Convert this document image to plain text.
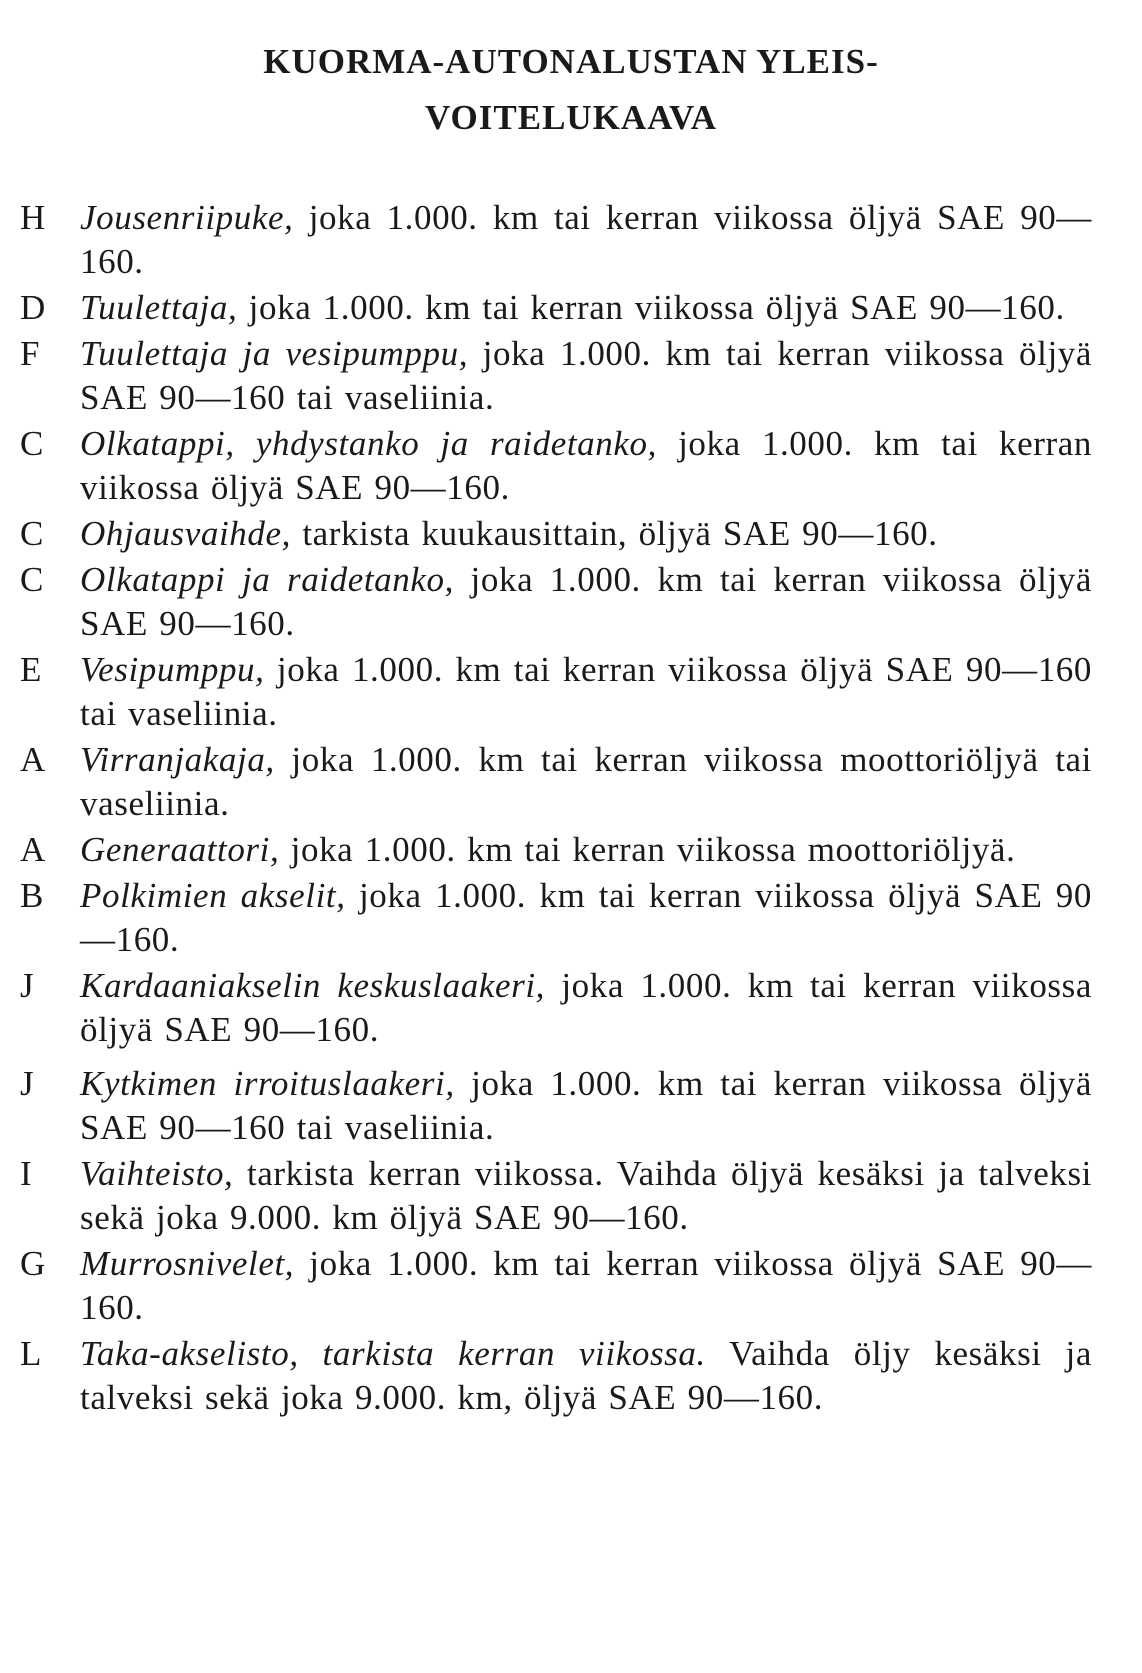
KUORMA-AUTONALUSTAN YLEIS-
VOITELUKAAVA
H Jousenriipuke, joka 1.000. km tai kerran viikossa öljyä SAE 90—160.
D Tuulettaja, joka 1.000. km tai kerran viikossa öljyä SAE 90—160.
F	Tuulettaja ja vesipumppu, joka 1.000. km tai kerran viikossa öljyä SAE 90—160 tai vaseliinia.
C	Olkatappi, yhdystanko ja raidetanko, joka 1.000. km tai kerran viikossa öljyä SAE 90—160.
C	Ohjausvaihde, tarkista kuukausittain, öljyä SAE 90—160.
C	Olkatappi ja raidetanko, joka 1.000. km tai kerran viikossa öljyä SAE 90—160.
E	Vesipumppu, joka 1.000. km tai kerran viikossa öljyä SAE 90—160 tai vaseliinia.
A Virranjakaja, joka 1.000. km tai kerran viikossa moottoriöljyä tai vaseliinia.
A Generaattori, joka 1.000. km tai kerran viikossa moottoriöljyä.
B	Polkimien akselit, joka 1.000. km tai kerran viikossa öljyä SAE 90—160.
J	Kardaaniakselin keskuslaakeri, joka 1.000. km tai kerran viikossa öljyä SAE 90—160.
J	Kytkimen irroituslaakeri, joka 1.000. km tai kerran viikossa öljyä SAE 90—160 tai vaseliinia.
I	Vaihteisto, tarkista kerran viikossa. Vaihda öljyä kesäksi ja talveksi sekä joka 9.000. km öljyä SAE 90—160.
G Murrosnivelet, joka 1.000. km tai kerran viikossa öljyä SAE 90—160.
L	Taka-akselisto, tarkista kerran viikossa. Vaihda öljy kesäksi ja talveksi sekä joka 9.000. km, öljyä SAE 90—160.
